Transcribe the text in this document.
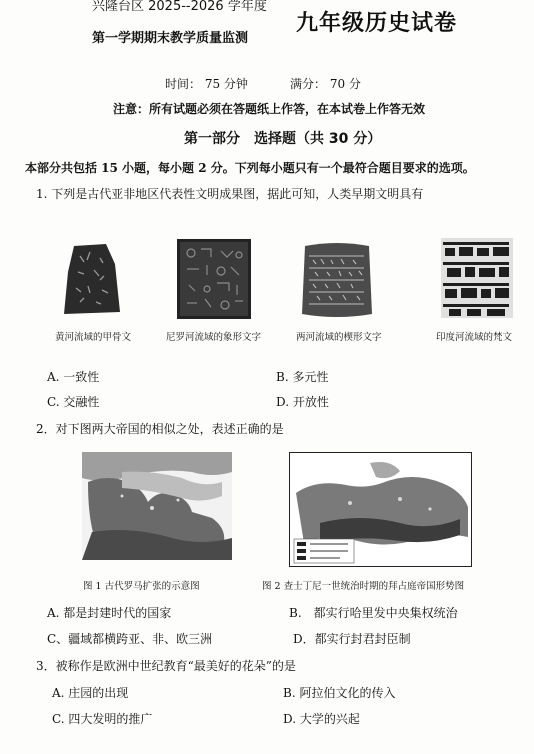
兴隆台区 2025--2026 学年度
第一学期期末教学质量监测
九年级历史试卷
时间： 75 分钟	满分： 70 分
注意：所有试题必须在答题纸上作答，在本试卷上作答无效
第一部分　选择题（共 30 分）
本部分共包括 15 小题，每小题 2 分。下列每小题只有一个最符合题目要求的选项。
1. 下列是古代亚非地区代表性文明成果图，据此可知，人类早期文明具有
黄河流域的甲骨文	尼罗河流域的象形文字	两河流域的楔形文字	印度河流域的梵文
A. 一致性	B. 多元性
C. 交融性	D. 开放性
2．对下图两大帝国的相似之处，表述正确的是
图 1 古代罗马扩张的示意图	图 2 查士丁尼一世统治时期的拜占庭帝国形势图
A. 都是封建时代的国家	B.　都实行哈里发中央集权统治
C、疆域都横跨亚、非、欧三洲	D．都实行封君封臣制
3．被称作是欧洲中世纪教育“最美好的花朵”的是
A. 庄园的出现	B. 阿拉伯文化的传入
C. 四大发明的推广	D. 大学的兴起
